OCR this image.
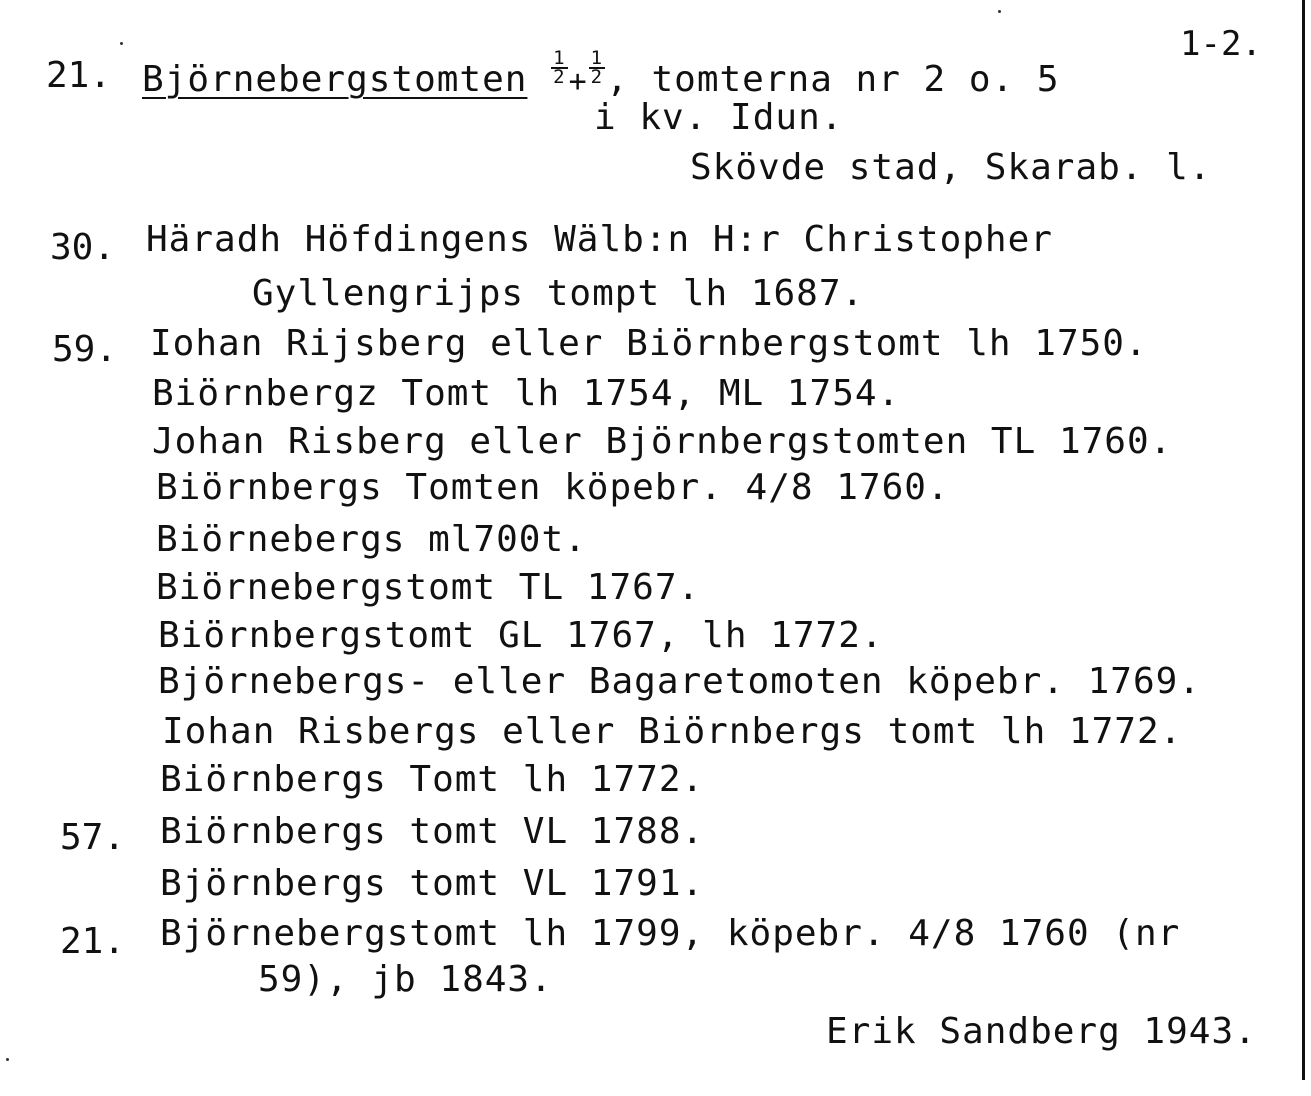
1-2.
21. Björnebergstomten $\frac{1}{2} + \frac{1}{2}$ , tomterna nr 2 o. 5
i kv. Idun.
Skövde stad, Skarab. l.
30. Häradh Höfdingens Wälb:n H:r Christopher
Gyllengrijps tompt lh 1687.
59. Iohan Rijsberg eller Biörnbergstomt lh 1750.
Biörnbergz Tomt lh 1754, ML 1754.
Johan Risberg eller Björnbergstomten TL 1760.
Biörnbergs Tomten köpebr. 4/8 1760.
Biörnebergs ml700t.
Biörnebergstomt TL 1767.
Biörnbergstomt GL 1767, lh 1772.
Björnebergs- eller Bagaretomoten köpebr. 1769.
Iohan Risbergs eller Biörnbergs tomt lh 1772.
Biörnbergs Tomt lh 1772.
57. Biörnbergs tomt VL 1788.
Björnbergs tomt VL 1791.
21. Björnebergstomt lh 1799, köpebr. 4/8 1760 (nr
59), jb 1843.
Erik Sandberg 1943.
